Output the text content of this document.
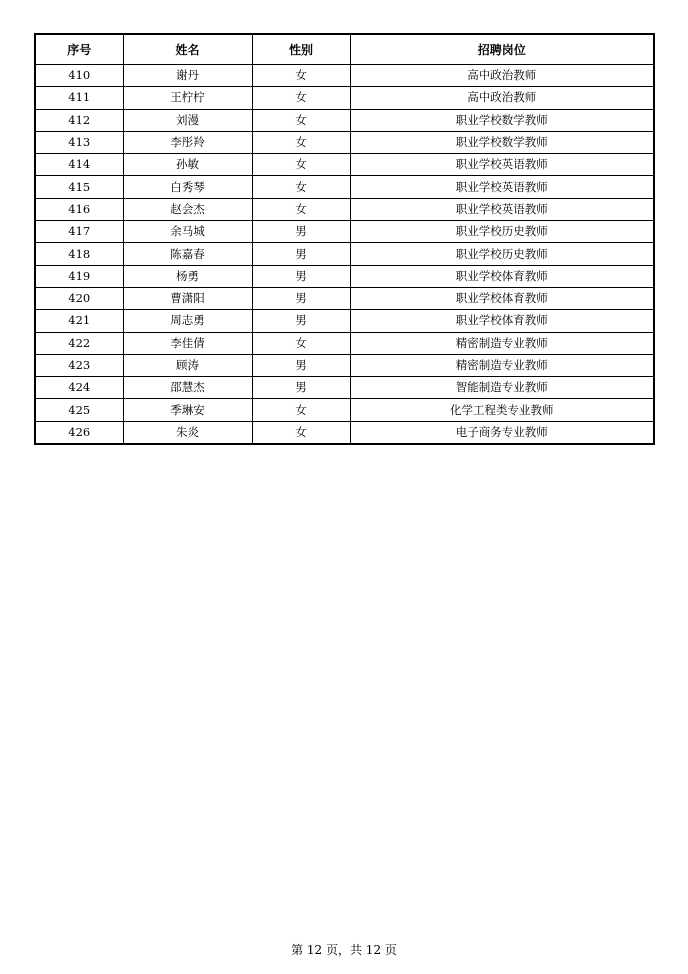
序号	姓名	性别	招聘岗位
410	谢丹	女	高中政治教师
411	王柠柠	女	高中政治教师
412	刘漫	女	职业学校数学教师
413	李彤羚	女	职业学校数学教师
414	孙敏	女	职业学校英语教师
415	白秀琴	女	职业学校英语教师
416	赵会杰	女	职业学校英语教师
417	余马城	男	职业学校历史教师
418	陈嘉春	男	职业学校历史教师
419	杨勇	男	职业学校体育教师
420	曹潇阳	男	职业学校体育教师
421	周志勇	男	职业学校体育教师
422	李佳倩	女	精密制造专业教师
423	顾涛	男	精密制造专业教师
424	邵慧杰	男	智能制造专业教师
425	季琳安	女	化学工程类专业教师
426	朱炎	女	电子商务专业教师
第 12 页，共 12 页
